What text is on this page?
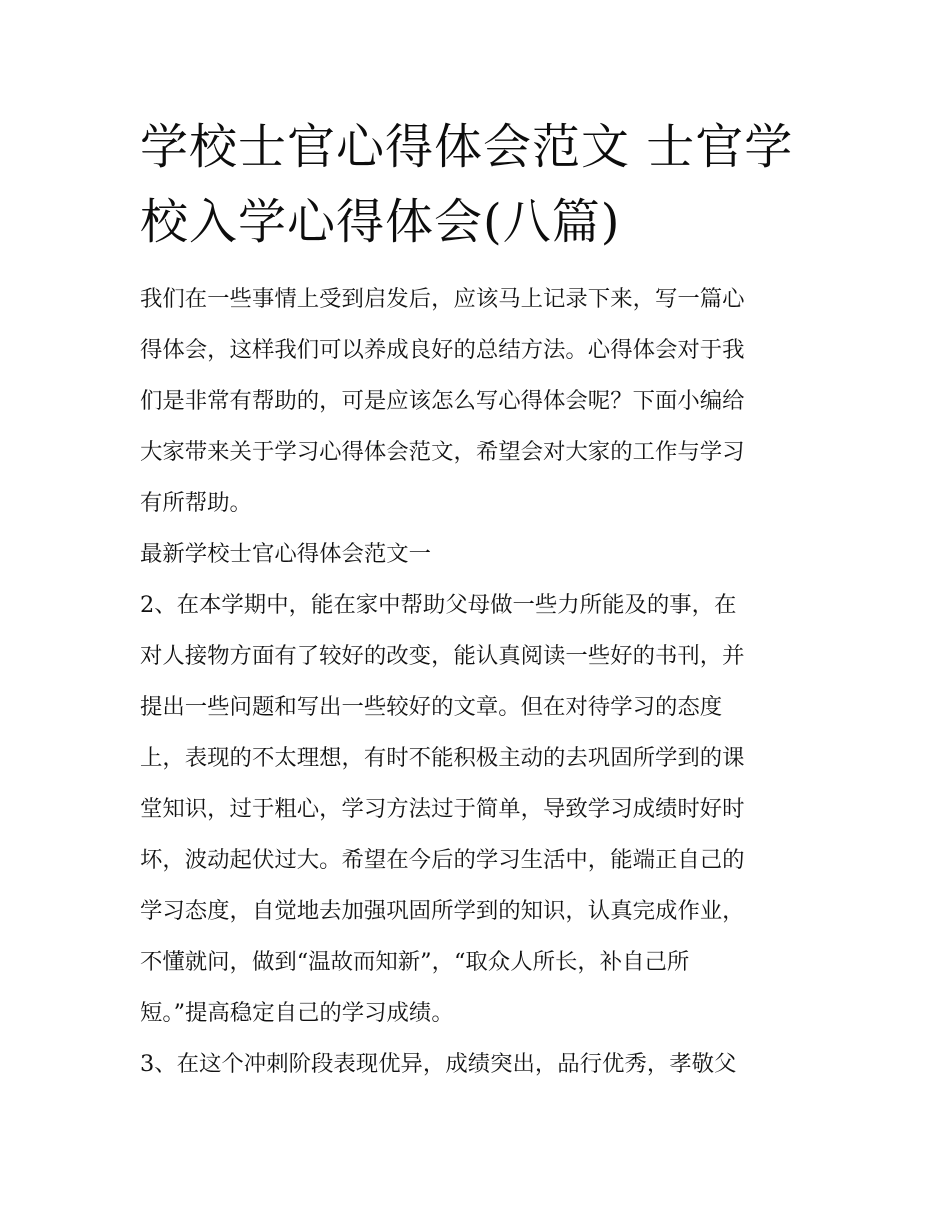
学校士官心得体会范文 士官学
校入学心得体会(八篇)

我们在一些事情上受到启发后，应该马上记录下来，写一篇心
得体会，这样我们可以养成良好的总结方法。心得体会对于我
们是非常有帮助的，可是应该怎么写心得体会呢？下面小编给
大家带来关于学习心得体会范文，希望会对大家的工作与学习
有所帮助。

最新学校士官心得体会范文一

2、在本学期中，能在家中帮助父母做一些力所能及的事，在
对人接物方面有了较好的改变，能认真阅读一些好的书刊，并
提出一些问题和写出一些较好的文章。但在对待学习的态度
上，表现的不太理想，有时不能积极主动的去巩固所学到的课
堂知识，过于粗心，学习方法过于简单，导致学习成绩时好时
坏，波动起伏过大。希望在今后的学习生活中，能端正自己的
学习态度，自觉地去加强巩固所学到的知识，认真完成作业，
不懂就问，做到“温故而知新”，“取众人所长，补自己所
短。”提高稳定自己的学习成绩。

3、在这个冲刺阶段表现优异，成绩突出，品行优秀，孝敬父
